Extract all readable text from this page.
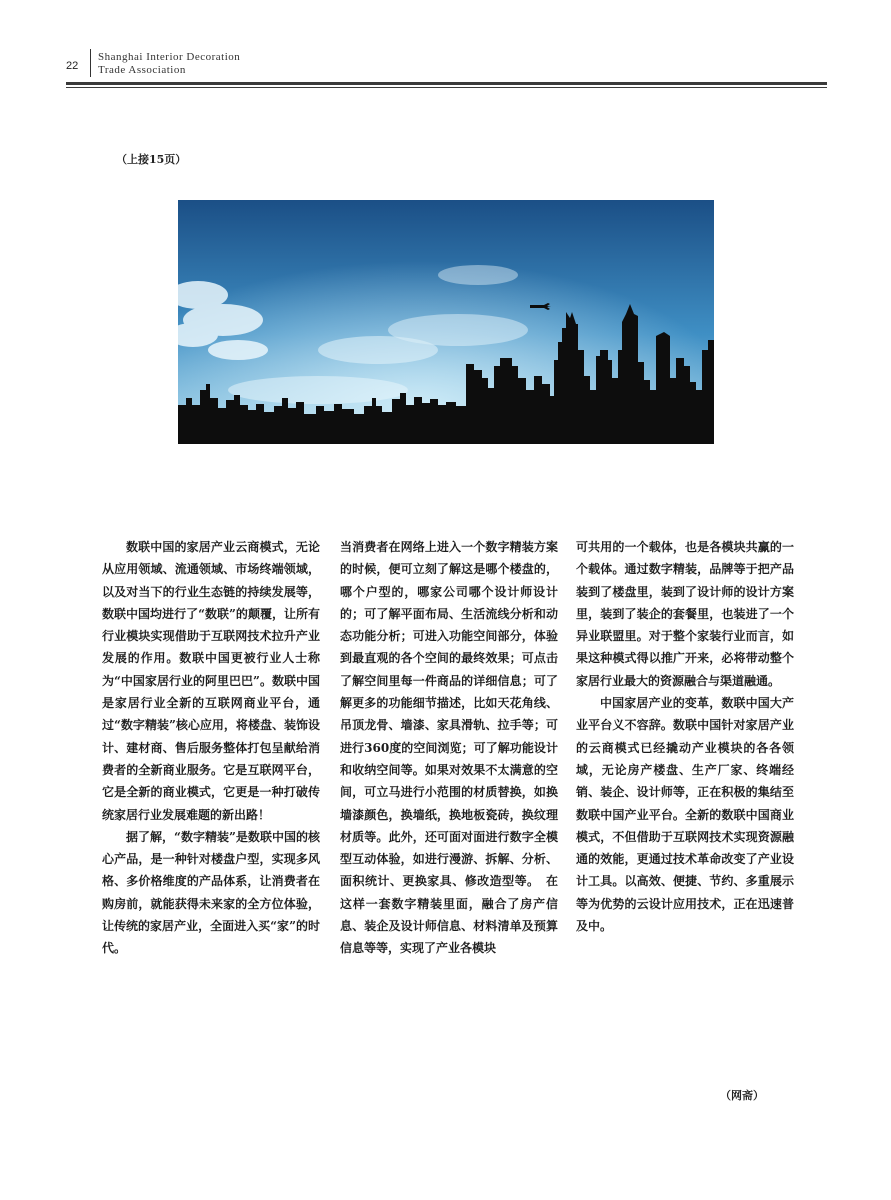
22
Shanghai Interior Decoration
Trade Association
（上接15页）

数联中国的家居产业云商模式，无论从应用领域、流通领域、市场终端领域，以及对当下的行业生态链的持续发展等，数联中国均进行了“数联”的颠覆，让所有行业模块实现借助于互联网技术拉升产业发展的作用。数联中国更被行业人士称为“中国家居行业的阿里巴巴”。数联中国是家居行业全新的互联网商业平台，通过“数字精装”核心应用，将楼盘、装饰设计、建材商、售后服务整体打包呈献给消费者的全新商业服务。它是互联网平台，它是全新的商业模式，它更是一种打破传统家居行业发展难题的新出路！

据了解，“数字精装”是数联中国的核心产品，是一种针对楼盘户型，实现多风格、多价格维度的产品体系，让消费者在购房前，就能获得未来家的全方位体验，让传统的家居产业，全面进入买“家”的时代。

当消费者在网络上进入一个数字精装方案的时候，便可立刻了解这是哪个楼盘的，哪个户型的，哪家公司哪个设计师设计的；可了解平面布局、生活流线分析和动态功能分析；可进入功能空间部分，体验到最直观的各个空间的最终效果；可点击了解空间里每一件商品的详细信息；可了解更多的功能细节描述，比如天花角线、吊顶龙骨、墙漆、家具滑轨、拉手等；可进行360度的空间浏览；可了解功能设计和收纳空间等。如果对效果不太满意的空间，可立马进行小范围的材质替换，如换墙漆颜色，换墙纸，换地板瓷砖，换纹理材质等。此外，还可面对面进行数字全模型互动体验，如进行漫游、拆解、分析、面积统计、更换家具、修改造型等。　在这样一套数字精装里面，融合了房产信息、装企及设计师信息、材料清单及预算信息等等，实现了产业各模块

可共用的一个载体，也是各模块共赢的一个载体。通过数字精装，品牌等于把产品装到了楼盘里，装到了设计师的设计方案里，装到了装企的套餐里，也装进了一个异业联盟里。对于整个家装行业而言，如果这种模式得以推广开来，必将带动整个家居行业最大的资源融合与渠道融通。

中国家居产业的变革，数联中国大产业平台义不容辞。数联中国针对家居产业的云商模式已经撬动产业模块的各各领域，无论房产楼盘、生产厂家、终端经销、装企、设计师等，正在积极的集结至数联中国产业平台。全新的数联中国商业模式，不但借助于互联网技术实现资源融通的效能，更通过技术革命改变了产业设计工具。以高效、便捷、节约、多重展示等为优势的云设计应用技术，正在迅速普及中。

（网斋）
